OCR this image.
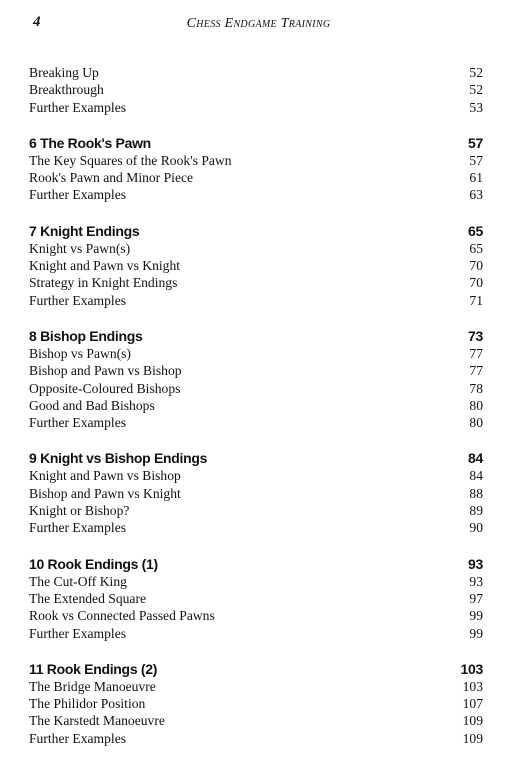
4	Chess Endgame Training
Breaking Up	52
Breakthrough	52
Further Examples	53
6 The Rook's Pawn	57
The Key Squares of the Rook's Pawn	57
Rook's Pawn and Minor Piece	61
Further Examples	63
7 Knight Endings	65
Knight vs Pawn(s)	65
Knight and Pawn vs Knight	70
Strategy in Knight Endings	70
Further Examples	71
8 Bishop Endings	73
Bishop vs Pawn(s)	77
Bishop and Pawn vs Bishop	77
Opposite-Coloured Bishops	78
Good and Bad Bishops	80
Further Examples	80
9 Knight vs Bishop Endings	84
Knight and Pawn vs Bishop	84
Bishop and Pawn vs Knight	88
Knight or Bishop?	89
Further Examples	90
10 Rook Endings (1)	93
The Cut-Off King	93
The Extended Square	97
Rook vs Connected Passed Pawns	99
Further Examples	99
11 Rook Endings (2)	103
The Bridge Manoeuvre	103
The Philidor Position	107
The Karstedt Manoeuvre	109
Further Examples	109
